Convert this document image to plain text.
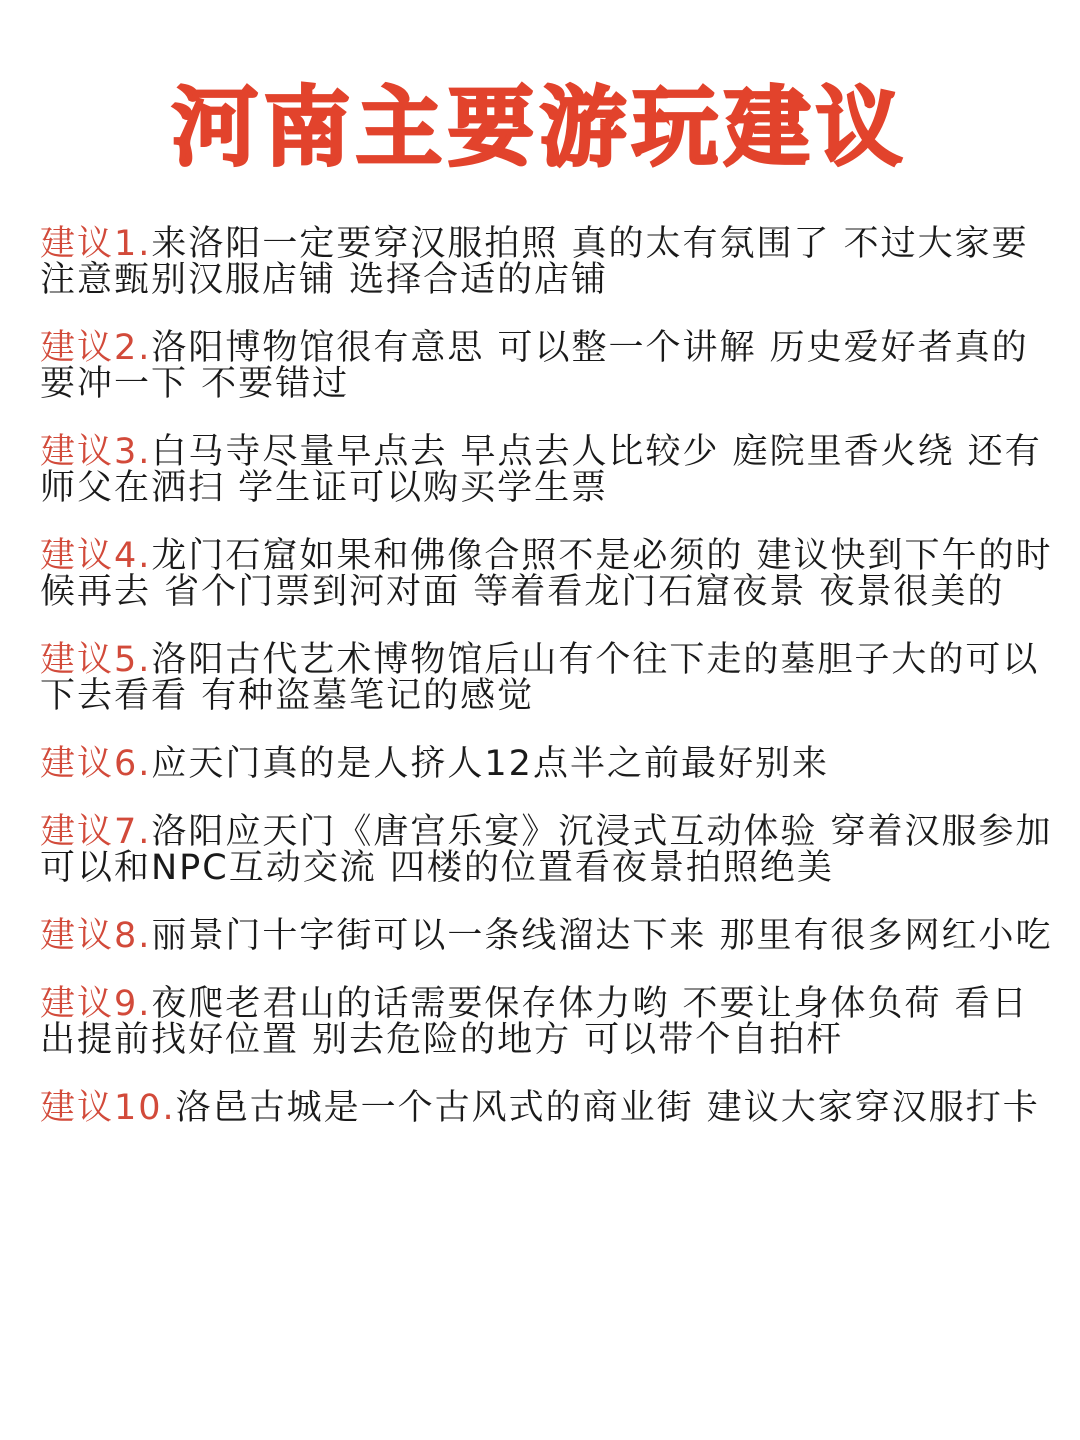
河南主要游玩建议
建议1.来洛阳一定要穿汉服拍照 真的太有氛围了 不过大家要注意甄别汉服店铺 选择合适的店铺
建议2.洛阳博物馆很有意思 可以整一个讲解 历史爱好者真的要冲一下 不要错过
建议3.白马寺尽量早点去 早点去人比较少 庭院里香火绕 还有师父在洒扫 学生证可以购买学生票
建议4.龙门石窟如果和佛像合照不是必须的 建议快到下午的时候再去 省个门票到河对面 等着看龙门石窟夜景 夜景很美的
建议5.洛阳古代艺术博物馆后山有个往下走的墓胆子大的可以下去看看 有种盗墓笔记的感觉
建议6.应天门真的是人挤人12点半之前最好别来
建议7.洛阳应天门《唐宫乐宴》沉浸式互动体验 穿着汉服参加 可以和NPC互动交流 四楼的位置看夜景拍照绝美
建议8.丽景门十字街可以一条线溜达下来 那里有很多网红小吃
建议9.夜爬老君山的话需要保存体力哟 不要让身体负荷 看日出提前找好位置 别去危险的地方 可以带个自拍杆
建议10.洛邑古城是一个古风式的商业街 建议大家穿汉服打卡
